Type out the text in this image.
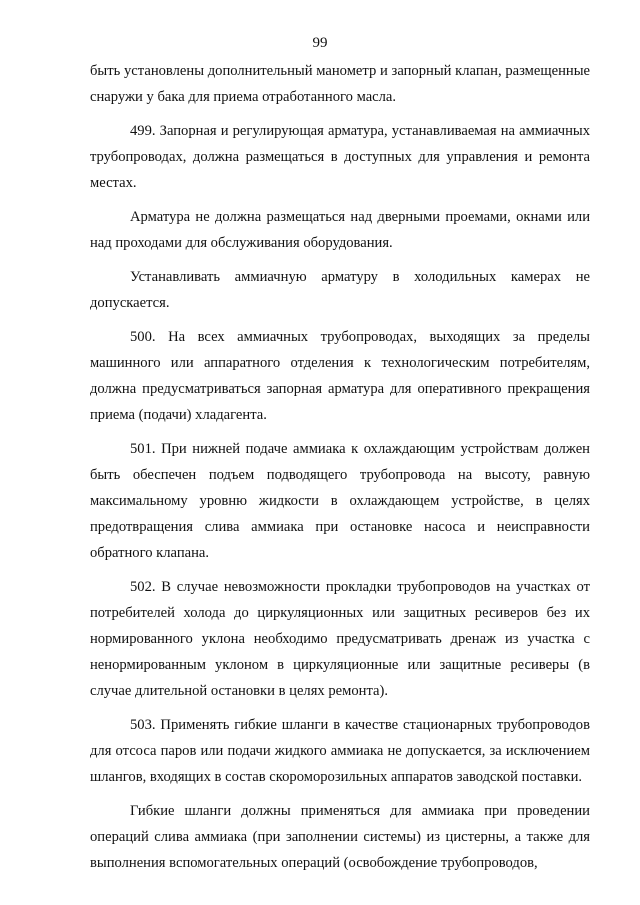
99

быть установлены дополнительный манометр и запорный клапан, размещенные снаружи у бака для приема отработанного масла.

499. Запорная и регулирующая арматура, устанавливаемая на аммиачных трубопроводах, должна размещаться в доступных для управления и ремонта местах.

Арматура не должна размещаться над дверными проемами, окнами или над проходами для обслуживания оборудования.

Устанавливать аммиачную арматуру в холодильных камерах не допускается.

500. На всех аммиачных трубопроводах, выходящих за пределы машинного или аппаратного отделения к технологическим потребителям, должна предусматриваться запорная арматура для оперативного прекращения приема (подачи) хладагента.

501. При нижней подаче аммиака к охлаждающим устройствам должен быть обеспечен подъем подводящего трубопровода на высоту, равную максимальному уровню жидкости в охлаждающем устройстве, в целях предотвращения слива аммиака при остановке насоса и неисправности обратного клапана.

502. В случае невозможности прокладки трубопроводов на участках от потребителей холода до циркуляционных или защитных ресиверов без их нормированного уклона необходимо предусматривать дренаж из участка с ненормированным уклоном в циркуляционные или защитные ресиверы (в случае длительной остановки в целях ремонта).

503. Применять гибкие шланги в качестве стационарных трубопроводов для отсоса паров или подачи жидкого аммиака не допускается, за исключением шлангов, входящих в состав скороморозильных аппаратов заводской поставки.

Гибкие шланги должны применяться для аммиака при проведении операций слива аммиака (при заполнении системы) из цистерны, а также для выполнения вспомогательных операций (освобождение трубопроводов,
